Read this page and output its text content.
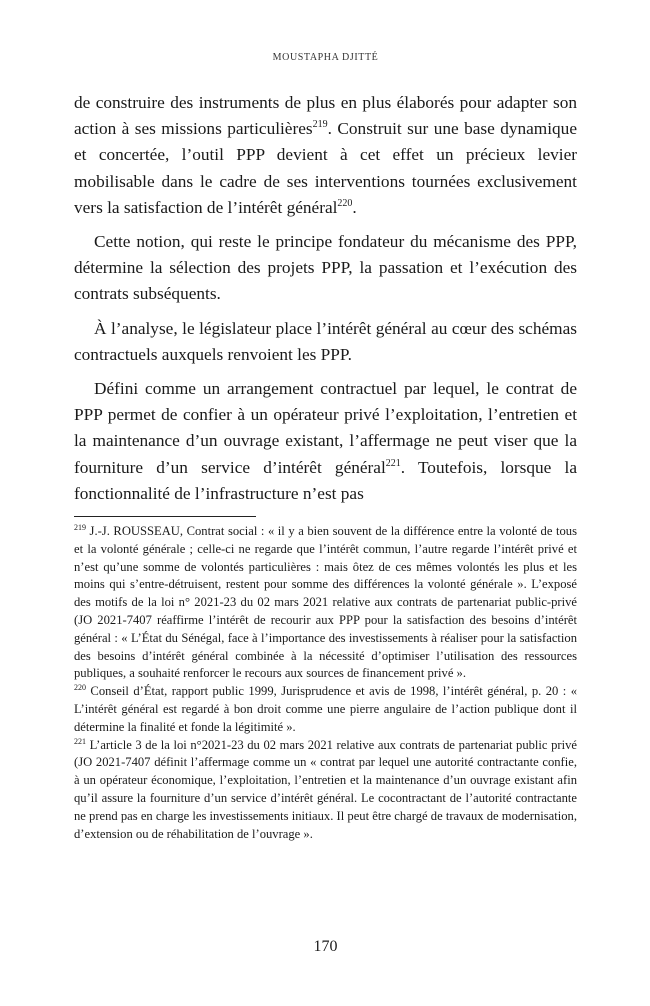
MOUSTAPHA DJITTÉ

de construire des instruments de plus en plus élaborés pour adapter son action à ses missions particulières$^{219}$. Construit sur une base dynamique et concertée, l’outil PPP devient à cet effet un précieux levier mobilisable dans le cadre de ses interventions tournées exclusivement vers la satisfaction de l’intérêt général$^{220}$.

Cette notion, qui reste le principe fondateur du mécanisme des PPP, détermine la sélection des projets PPP, la passation et l’exécution des contrats subséquents.

À l’analyse, le législateur place l’intérêt général au cœur des schémas contractuels auxquels renvoient les PPP.

Défini comme un arrangement contractuel par lequel, le contrat de PPP permet de confier à un opérateur privé l’exploitation, l’entretien et la maintenance d’un ouvrage existant, l’affermage ne peut viser que la fourniture d’un service d’intérêt général$^{221}$. Toutefois, lorsque la fonctionnalité de l’infrastructure n’est pas

$^{219}$ J.-J. ROUSSEAU, Contrat social : « il y a bien souvent de la différence entre la volonté de tous et la volonté générale ; celle-ci ne regarde que l’intérêt commun, l’autre regarde l’intérêt privé et n’est qu’une somme de volontés particulières : mais ôtez de ces mêmes volontés les plus et les moins qui s’entre-détruisent, restent pour somme des différences la volonté générale ». L’exposé des motifs de la loi n° 2021-23 du 02 mars 2021 relative aux contrats de partenariat public-privé (JO 2021-7407 réaffirme l’intérêt de recourir aux PPP pour la satisfaction des besoins d’intérêt général : « L’État du Sénégal, face à l’importance des investissements à réaliser pour la satisfaction des besoins d’intérêt général combinée à la nécessité d’optimiser l’utilisation des ressources publiques, a souhaité renforcer le recours aux sources de financement privé ».

$^{220}$ Conseil d’État, rapport public 1999, Jurisprudence et avis de 1998, l’intérêt général, p. 20 : « L’intérêt général est regardé à bon droit comme une pierre angulaire de l’action publique dont il détermine la finalité et fonde la légitimité ».

$^{221}$ L’article 3 de la loi n°2021-23 du 02 mars 2021 relative aux contrats de partenariat public privé (JO 2021-7407 définit l’affermage comme un « contrat par lequel une autorité contractante confie, à un opérateur économique, l’exploitation, l’entretien et la maintenance d’un ouvrage existant afin qu’il assure la fourniture d’un service d’intérêt général. Le cocontractant de l’autorité contractante ne prend pas en charge les investissements initiaux. Il peut être chargé de travaux de modernisation, d’extension ou de réhabilitation de l’ouvrage ».

170
